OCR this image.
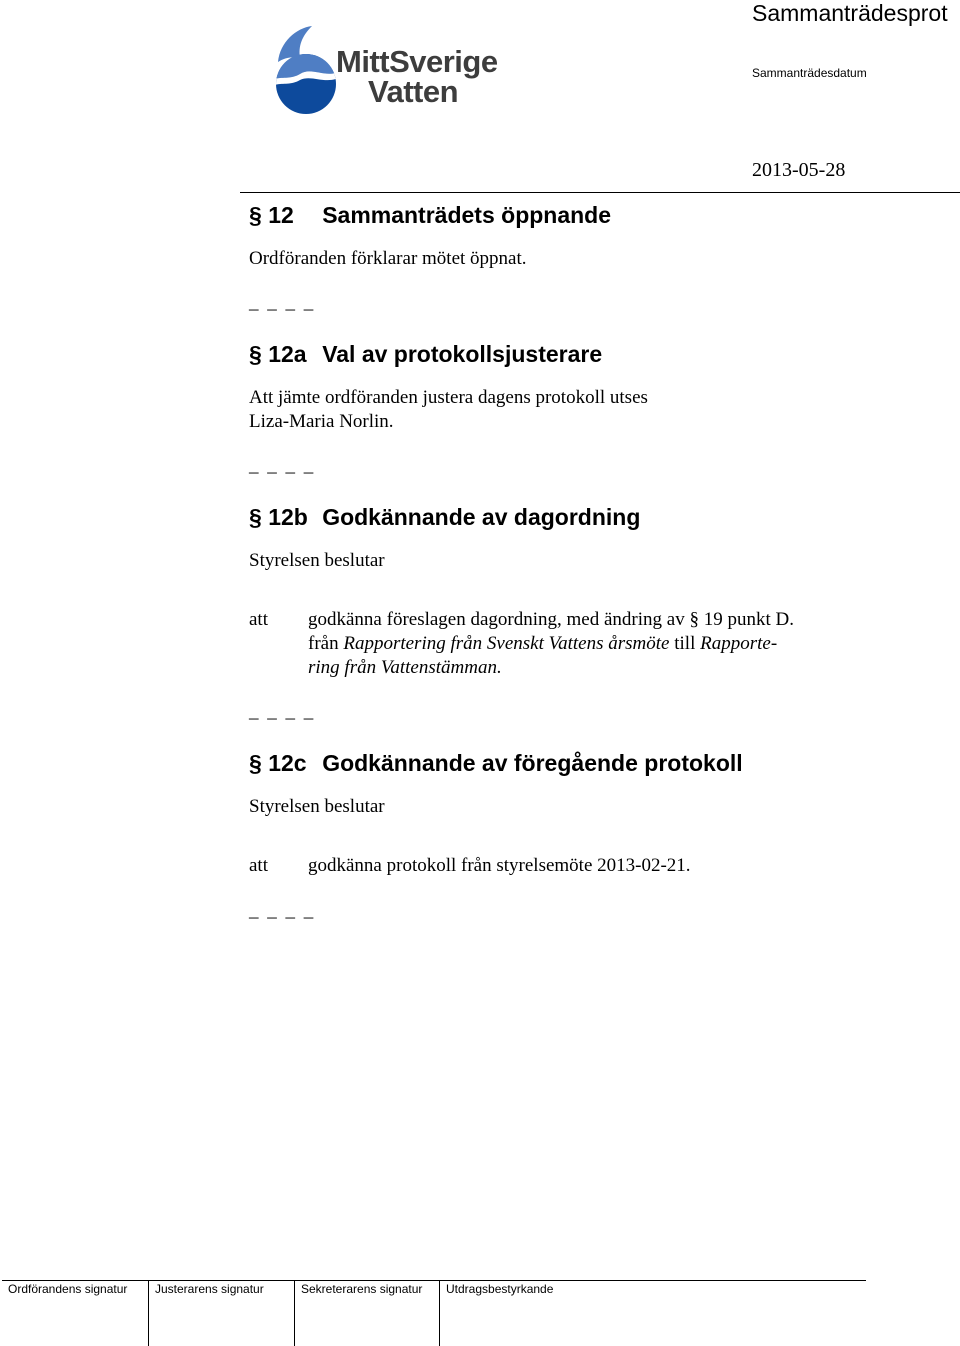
MittSverige
Vatten
Sammanträdesprot
Sammanträdesdatum
2013-05-28
§ 12 Sammanträdets öppnande
Ordföranden förklarar mötet öppnat.
_ _ _ _
§ 12a Val av protokollsjusterare
Att jämte ordföranden justera dagens protokoll utses
Liza-Maria Norlin.
_ _ _ _
§ 12b Godkännande av dagordning
Styrelsen beslutar
att godkänna föreslagen dagordning, med ändring av § 19 punkt D.
från Rapportering från Svenskt Vattens årsmöte till Rapporte-
ring från Vattenstämman.
_ _ _ _
§ 12c Godkännande av föregående protokoll
Styrelsen beslutar
att godkänna protokoll från styrelsemöte 2013-02-21.
_ _ _ _
Ordförandens signatur	Justerarens signatur	Sekreterarens signatur	Utdragsbestyrkande
